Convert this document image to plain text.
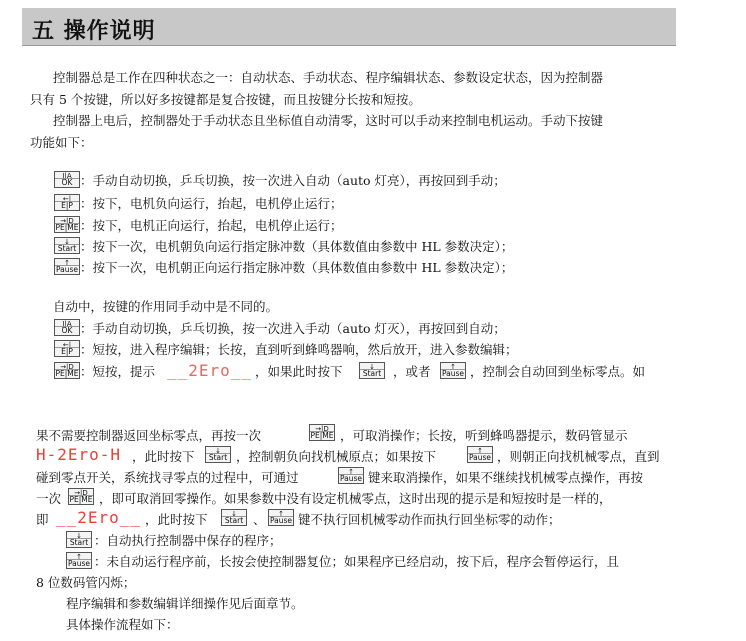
五 操作说明
控制器总是工作在四种状态之一：自动状态、手动状态、程序编辑状态、参数设定状态，因为控制器
只有 5 个按键，所以好多按键都是复合按键，而且按键分长按和短按。
控制器上电后，控制器处于手动状态且坐标值自动清零，这时可以手动来控制电机运动。手动下按键
功能如下：
J|A
OK ：手动自动切换，乒乓切换，按一次进入自动（auto 灯亮），再按回到手动；
←|
E|P ：按下，电机负向运行，抬起，电机停止运行；
→|D
PE|ME ：按下，电机正向运行，抬起，电机停止运行；
↓
Start ：按下一次，电机朝负向运行指定脉冲数（具体数值由参数中 HL 参数决定）；
↑
Pause ：按下一次，电机朝正向运行指定脉冲数（具体数值由参数中 HL 参数决定）；
自动中，按键的作用同手动中是不同的。
J|A
OK ：手动自动切换，乒乓切换，按一次进入手动（auto 灯灭），再按回到自动；
←|
E|P ：短按，进入程序编辑；长按，直到听到蜂鸣器响，然后放开，进入参数编辑；
→|D
PE|ME ：短按，提示 __2Ero__ ，如果此时按下	↓
Start ，或者	↑
Pause ，控制会自动回到坐标零点。如
果不需要控制器返回坐标零点，再按一次	→|D
PE|ME ，可取消操作；长按，听到蜂鸣器提示，数码管显示
H-2Ero-H ，此时按下	↓
Start ，控制朝负向找机械原点；如果按下	↑
Pause ，则朝正向找机械零点，直到
碰到零点开关，系统找寻零点的过程中，可通过	↑
Pause 键来取消操作，如果不继续找机械零点操作，再按
一次	→|D
PE|ME ，即可取消回零操作。如果参数中没有设定机械零点，这时出现的提示是和短按时是一样的，
即 __2Ero__ ，此时按下	↓
Start 、	↑
Pause 键不执行回机械零动作而执行回坐标零的动作；
↓
Start ：自动执行控制器中保存的程序；
↑
Pause ：未自动运行程序前，长按会使控制器复位；如果程序已经启动，按下后，程序会暂停运行，且
8 位数码管闪烁；
程序编辑和参数编辑详细操作见后面章节。
具体操作流程如下：
